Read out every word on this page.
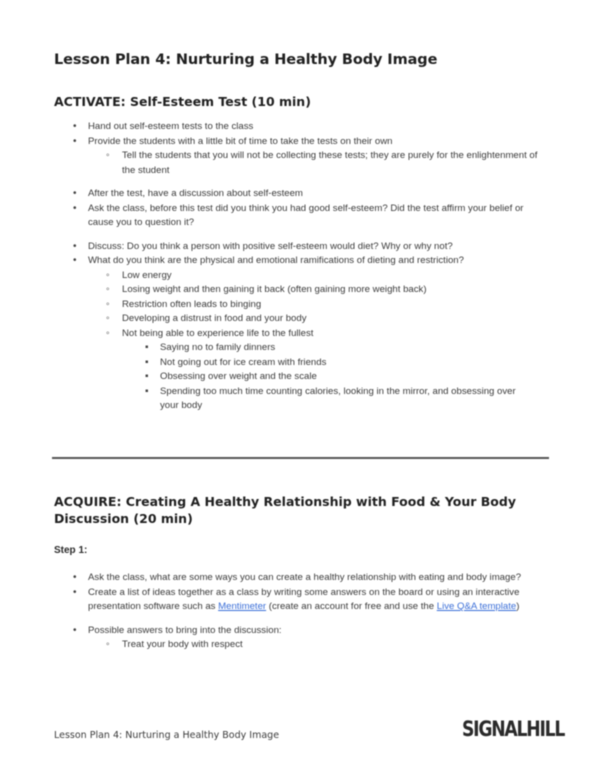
Lesson Plan 4: Nurturing a Healthy Body Image
ACTIVATE: Self-Esteem Test (10 min)
• Hand out self-esteem tests to the class
• Provide the students with a little bit of time to take the tests on their own
◦ Tell the students that you will not be collecting these tests; they are purely for the enlightenment of the student
• After the test, have a discussion about self-esteem
• Ask the class, before this test did you think you had good self-esteem? Did the test affirm your belief or cause you to question it?
• Discuss: Do you think a person with positive self-esteem would diet? Why or why not?
• What do you think are the physical and emotional ramifications of dieting and restriction?
◦ Low energy
◦ Losing weight and then gaining it back (often gaining more weight back)
◦ Restriction often leads to binging
◦ Developing a distrust in food and your body
◦ Not being able to experience life to the fullest
▪ Saying no to family dinners
▪ Not going out for ice cream with friends
▪ Obsessing over weight and the scale
▪ Spending too much time counting calories, looking in the mirror, and obsessing over your body
ACQUIRE: Creating A Healthy Relationship with Food & Your Body Discussion (20 min)
Step 1:
• Ask the class, what are some ways you can create a healthy relationship with eating and body image?
• Create a list of ideas together as a class by writing some answers on the board or using an interactive presentation software such as Mentimeter (create an account for free and use the Live Q&A template)
• Possible answers to bring into the discussion:
◦ Treat your body with respect
Lesson Plan 4: Nurturing a Healthy Body Image	SIGNALHILL
